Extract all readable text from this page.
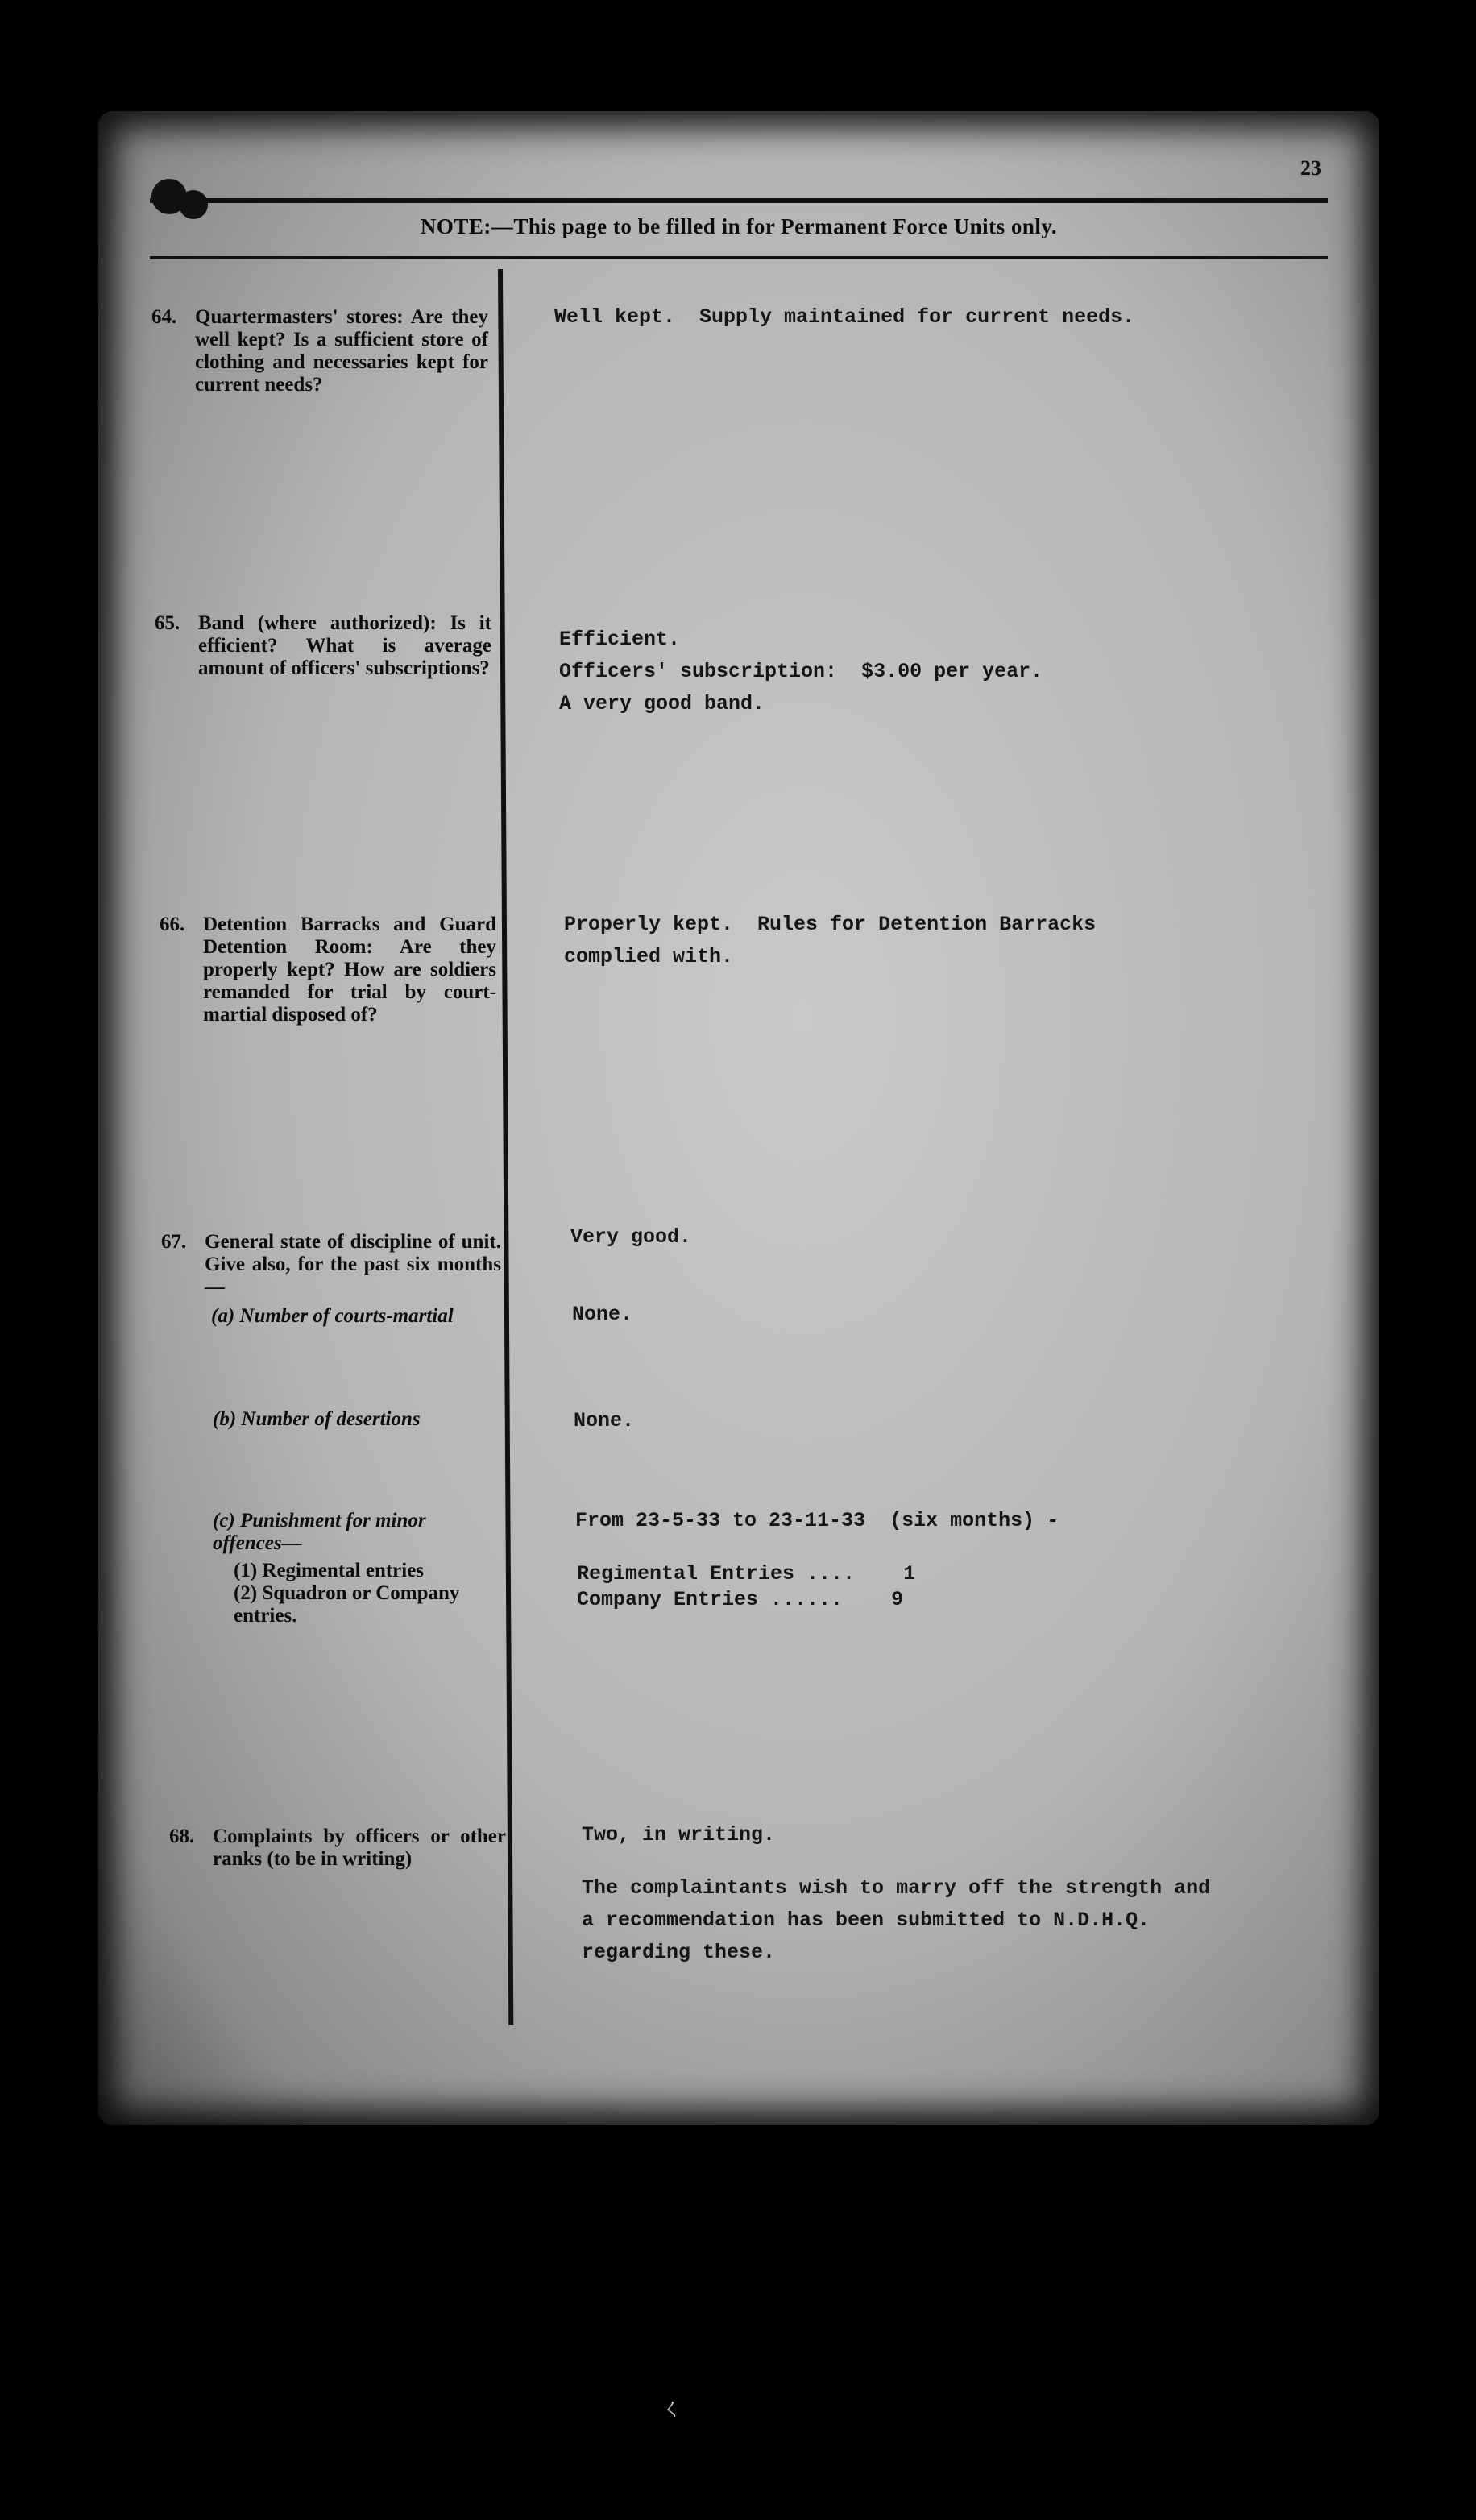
23
NOTE:—This page to be filled in for Permanent Force Units only.
64. Quartermasters' stores: Are they well kept? Is a sufficient store of clothing and necessaries kept for current needs?
Well kept.  Supply maintained for current needs.
65. Band (where authorized): Is it efficient? What is average amount of officers' subscriptions?
Efficient.
Officers' subscription:  $3.00 per year.
A very good band.
66. Detention Barracks and Guard Detention Room: Are they properly kept? How are soldiers remanded for trial by court-martial disposed of?
Properly kept.  Rules for Detention Barracks
complied with.
67. General state of discipline of unit. Give also, for the past six months—
Very good.
(a) Number of courts-martial	None.
(b) Number of desertions	None.
(c) Punishment for minor offences—
From 23-5-33 to 23-11-33  (six months) -
(1) Regimental entries
(2) Squadron or Company entries.
Regimental Entries ....    1
Company Entries ......    9
68. Complaints by officers or other ranks (to be in writing)
Two, in writing.
The complaintants wish to marry off the strength and
a recommendation has been submitted to N.D.H.Q.
regarding these.
ㄑ
